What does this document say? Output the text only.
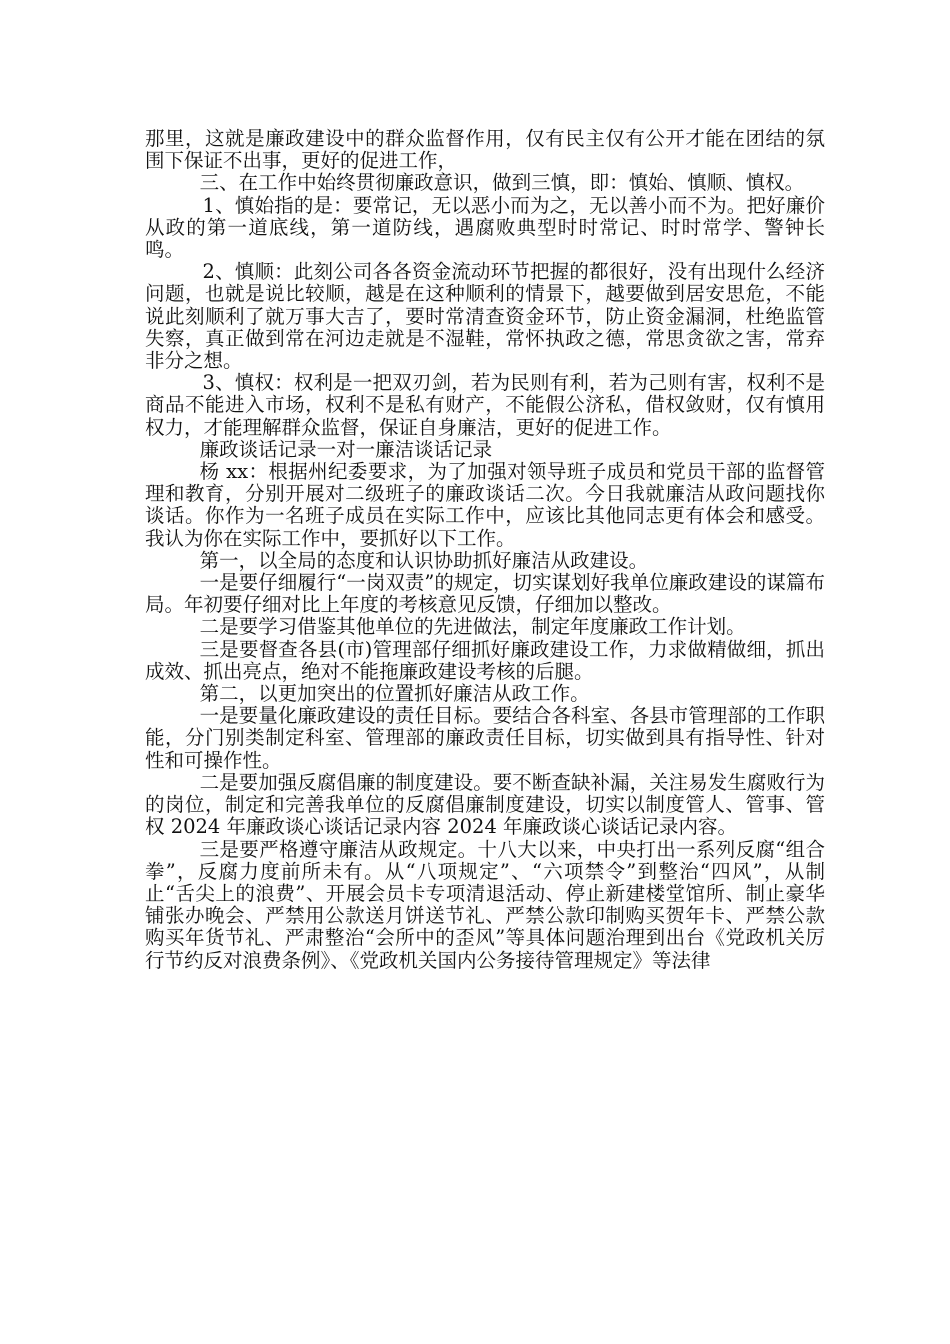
那里，这就是廉政建设中的群众监督作用，仅有民主仅有公开才能在团结的氛围下保证不出事，更好的促进工作，

三、在工作中始终贯彻廉政意识，做到三慎，即：慎始、慎顺、慎权。

1、慎始指的是：要常记，无以恶小而为之，无以善小而不为。把好廉价从政的第一道底线，第一道防线，遇腐败典型时时常记、时时常学、警钟长鸣。

2、慎顺：此刻公司各各资金流动环节把握的都很好，没有出现什么经济问题，也就是说比较顺，越是在这种顺利的情景下，越要做到居安思危，不能说此刻顺利了就万事大吉了，要时常清查资金环节，防止资金漏洞，杜绝监管失察，真正做到常在河边走就是不湿鞋，常怀执政之德，常思贪欲之害，常弃非分之想。

3、慎权：权利是一把双刃剑，若为民则有利，若为己则有害，权利不是商品不能进入市场，权利不是私有财产，不能假公济私，借权敛财，仅有慎用权力，才能理解群众监督，保证自身廉洁，更好的促进工作。

廉政谈话记录一对一廉洁谈话记录

杨 xx：根据州纪委要求，为了加强对领导班子成员和党员干部的监督管理和教育，分别开展对二级班子的廉政谈话二次。今日我就廉洁从政问题找你谈话。你作为一名班子成员在实际工作中，应该比其他同志更有体会和感受。我认为你在实际工作中，要抓好以下工作。

第一，以全局的态度和认识协助抓好廉洁从政建设。

一是要仔细履行“一岗双责”的规定，切实谋划好我单位廉政建设的谋篇布局。年初要仔细对比上年度的考核意见反馈，仔细加以整改。

二是要学习借鉴其他单位的先进做法，制定年度廉政工作计划。

三是要督查各县(市)管理部仔细抓好廉政建设工作，力求做精做细，抓出成效、抓出亮点，绝对不能拖廉政建设考核的后腿。

第二，以更加突出的位置抓好廉洁从政工作。

一是要量化廉政建设的责任目标。要结合各科室、各县市管理部的工作职能，分门别类制定科室、管理部的廉政责任目标，切实做到具有指导性、针对性和可操作性。

二是要加强反腐倡廉的制度建设。要不断查缺补漏，关注易发生腐败行为的岗位，制定和完善我单位的反腐倡廉制度建设，切实以制度管人、管事、管权 2024 年廉政谈心谈话记录内容 2024 年廉政谈心谈话记录内容。

三是要严格遵守廉洁从政规定。十八大以来，中央打出一系列反腐“组合拳”，反腐力度前所未有。从“八项规定”、“六项禁令”到整治“四风”，从制止“舌尖上的浪费”、开展会员卡专项清退活动、停止新建楼堂馆所、制止豪华铺张办晚会、严禁用公款送月饼送节礼、严禁公款印制购买贺年卡、严禁公款购买年货节礼、严肃整治“会所中的歪风”等具体问题治理到出台《党政机关厉行节约反对浪费条例》、《党政机关国内公务接待管理规定》等法律
